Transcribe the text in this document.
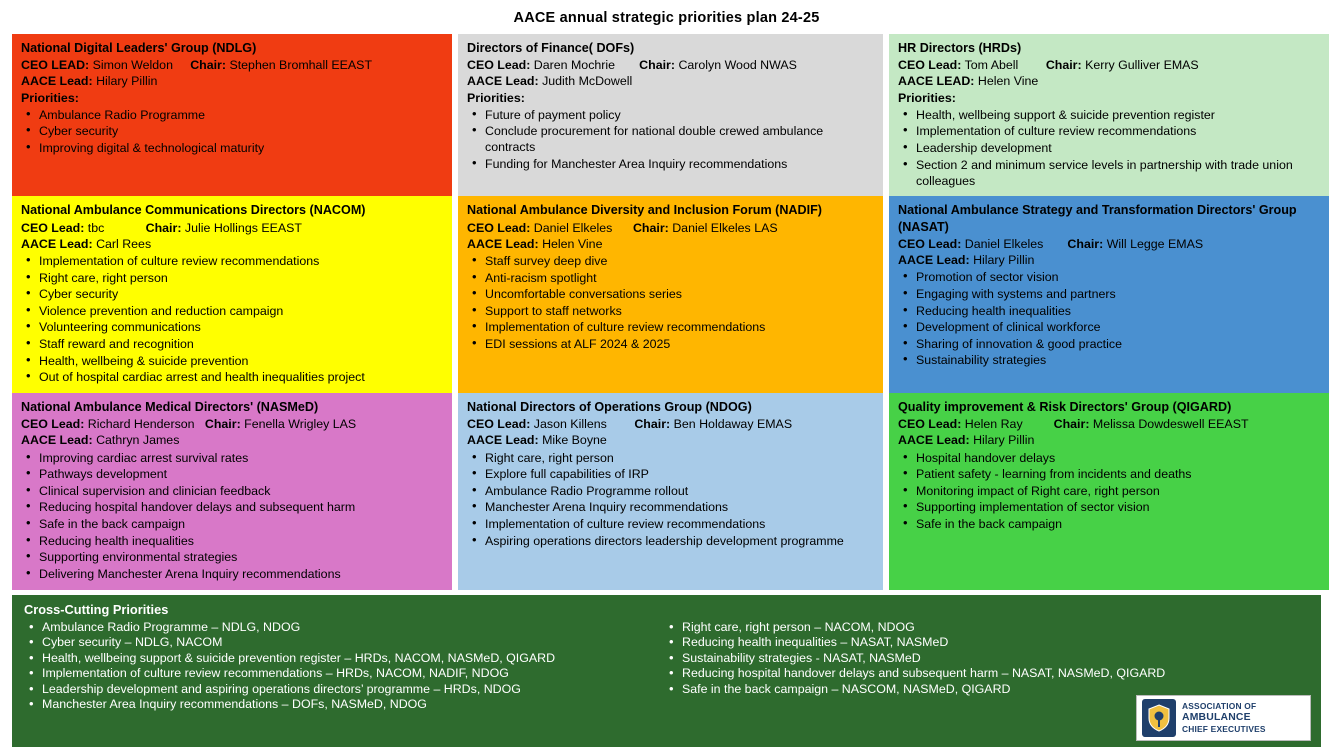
AACE annual strategic priorities plan 24-25
National Digital Leaders' Group (NDLG)
CEO LEAD: Simon Weldon Chair: Stephen Bromhall EEAST
AACE Lead: Hilary Pillin
Priorities:
• Ambulance Radio Programme
• Cyber security
• Improving digital & technological maturity
Directors of Finance( DOFs)
CEO Lead: Daren Mochrie Chair: Carolyn Wood NWAS
AACE Lead: Judith McDowell
Priorities:
• Future of payment policy
• Conclude procurement for national double crewed ambulance contracts
• Funding for Manchester Area Inquiry recommendations
HR Directors (HRDs)
CEO Lead: Tom Abell Chair: Kerry Gulliver EMAS
AACE LEAD: Helen Vine
Priorities:
• Health, wellbeing support & suicide prevention register
• Implementation of culture review recommendations
• Leadership development
• Section 2 and minimum service levels in partnership with trade union colleagues
National Ambulance Communications Directors (NACOM)
CEO Lead: tbc	Chair: Julie Hollings EEAST
AACE Lead: Carl Rees
• Implementation of culture review recommendations
• Right care, right person
• Cyber security
• Violence prevention and reduction campaign
• Volunteering communications
• Staff reward and recognition
• Health, wellbeing & suicide prevention
• Out of hospital cardiac arrest and health inequalities project
National Ambulance Diversity and Inclusion Forum (NADIF)
CEO Lead: Daniel Elkeles Chair: Daniel Elkeles LAS
AACE Lead: Helen Vine
• Staff survey deep dive
• Anti-racism spotlight
• Uncomfortable conversations series
• Support to staff networks
• Implementation of culture review recommendations
• EDI sessions at ALF 2024 & 2025
National Ambulance Strategy and Transformation Directors' Group (NASAT)
CEO Lead: Daniel Elkeles Chair: Will Legge EMAS
AACE Lead: Hilary Pillin
• Promotion of sector vision
• Engaging with systems and partners
• Reducing health inequalities
• Development of clinical workforce
• Sharing of innovation & good practice
• Sustainability strategies
National Ambulance Medical Directors' (NASMeD)
CEO Lead: Richard Henderson Chair: Fenella Wrigley LAS
AACE Lead: Cathryn James
• Improving cardiac arrest survival rates
• Pathways development
• Clinical supervision and clinician feedback
• Reducing hospital handover delays and subsequent harm
• Safe in the back campaign
• Reducing health inequalities
• Supporting environmental strategies
• Delivering Manchester Arena Inquiry recommendations
National Directors of Operations Group (NDOG)
CEO Lead: Jason Killens Chair: Ben Holdaway EMAS
AACE Lead: Mike Boyne
• Right care, right person
• Explore full capabilities of IRP
• Ambulance Radio Programme rollout
• Manchester Arena Inquiry recommendations
• Implementation of culture review recommendations
• Aspiring operations directors leadership development programme
Quality improvement & Risk Directors' Group (QIGARD)
CEO Lead: Helen Ray Chair: Melissa Dowdeswell EEAST
AACE Lead: Hilary Pillin
• Hospital handover delays
• Patient safety - learning from incidents and deaths
• Monitoring impact of Right care, right person
• Supporting implementation of sector vision
• Safe in the back campaign
Cross-Cutting Priorities
• Ambulance Radio Programme – NDLG, NDOG
• Cyber security – NDLG, NACOM
• Health, wellbeing support & suicide prevention register – HRDs, NACOM, NASMeD, QIGARD
• Implementation of culture review recommendations – HRDs, NACOM, NADIF, NDOG
• Leadership development and aspiring operations directors’ programme – HRDs, NDOG
• Manchester Area Inquiry recommendations – DOFs, NASMeD, NDOG
• Right care, right person – NACOM, NDOG
• Reducing health inequalities – NASAT, NASMeD
• Sustainability strategies - NASAT, NASMeD
• Reducing hospital handover delays and subsequent harm – NASAT, NASMeD, QIGARD
• Safe in the back campaign – NASCOM, NASMeD, QIGARD
ASSOCIATION OF
AMBULANCE
CHIEF EXECUTIVES
